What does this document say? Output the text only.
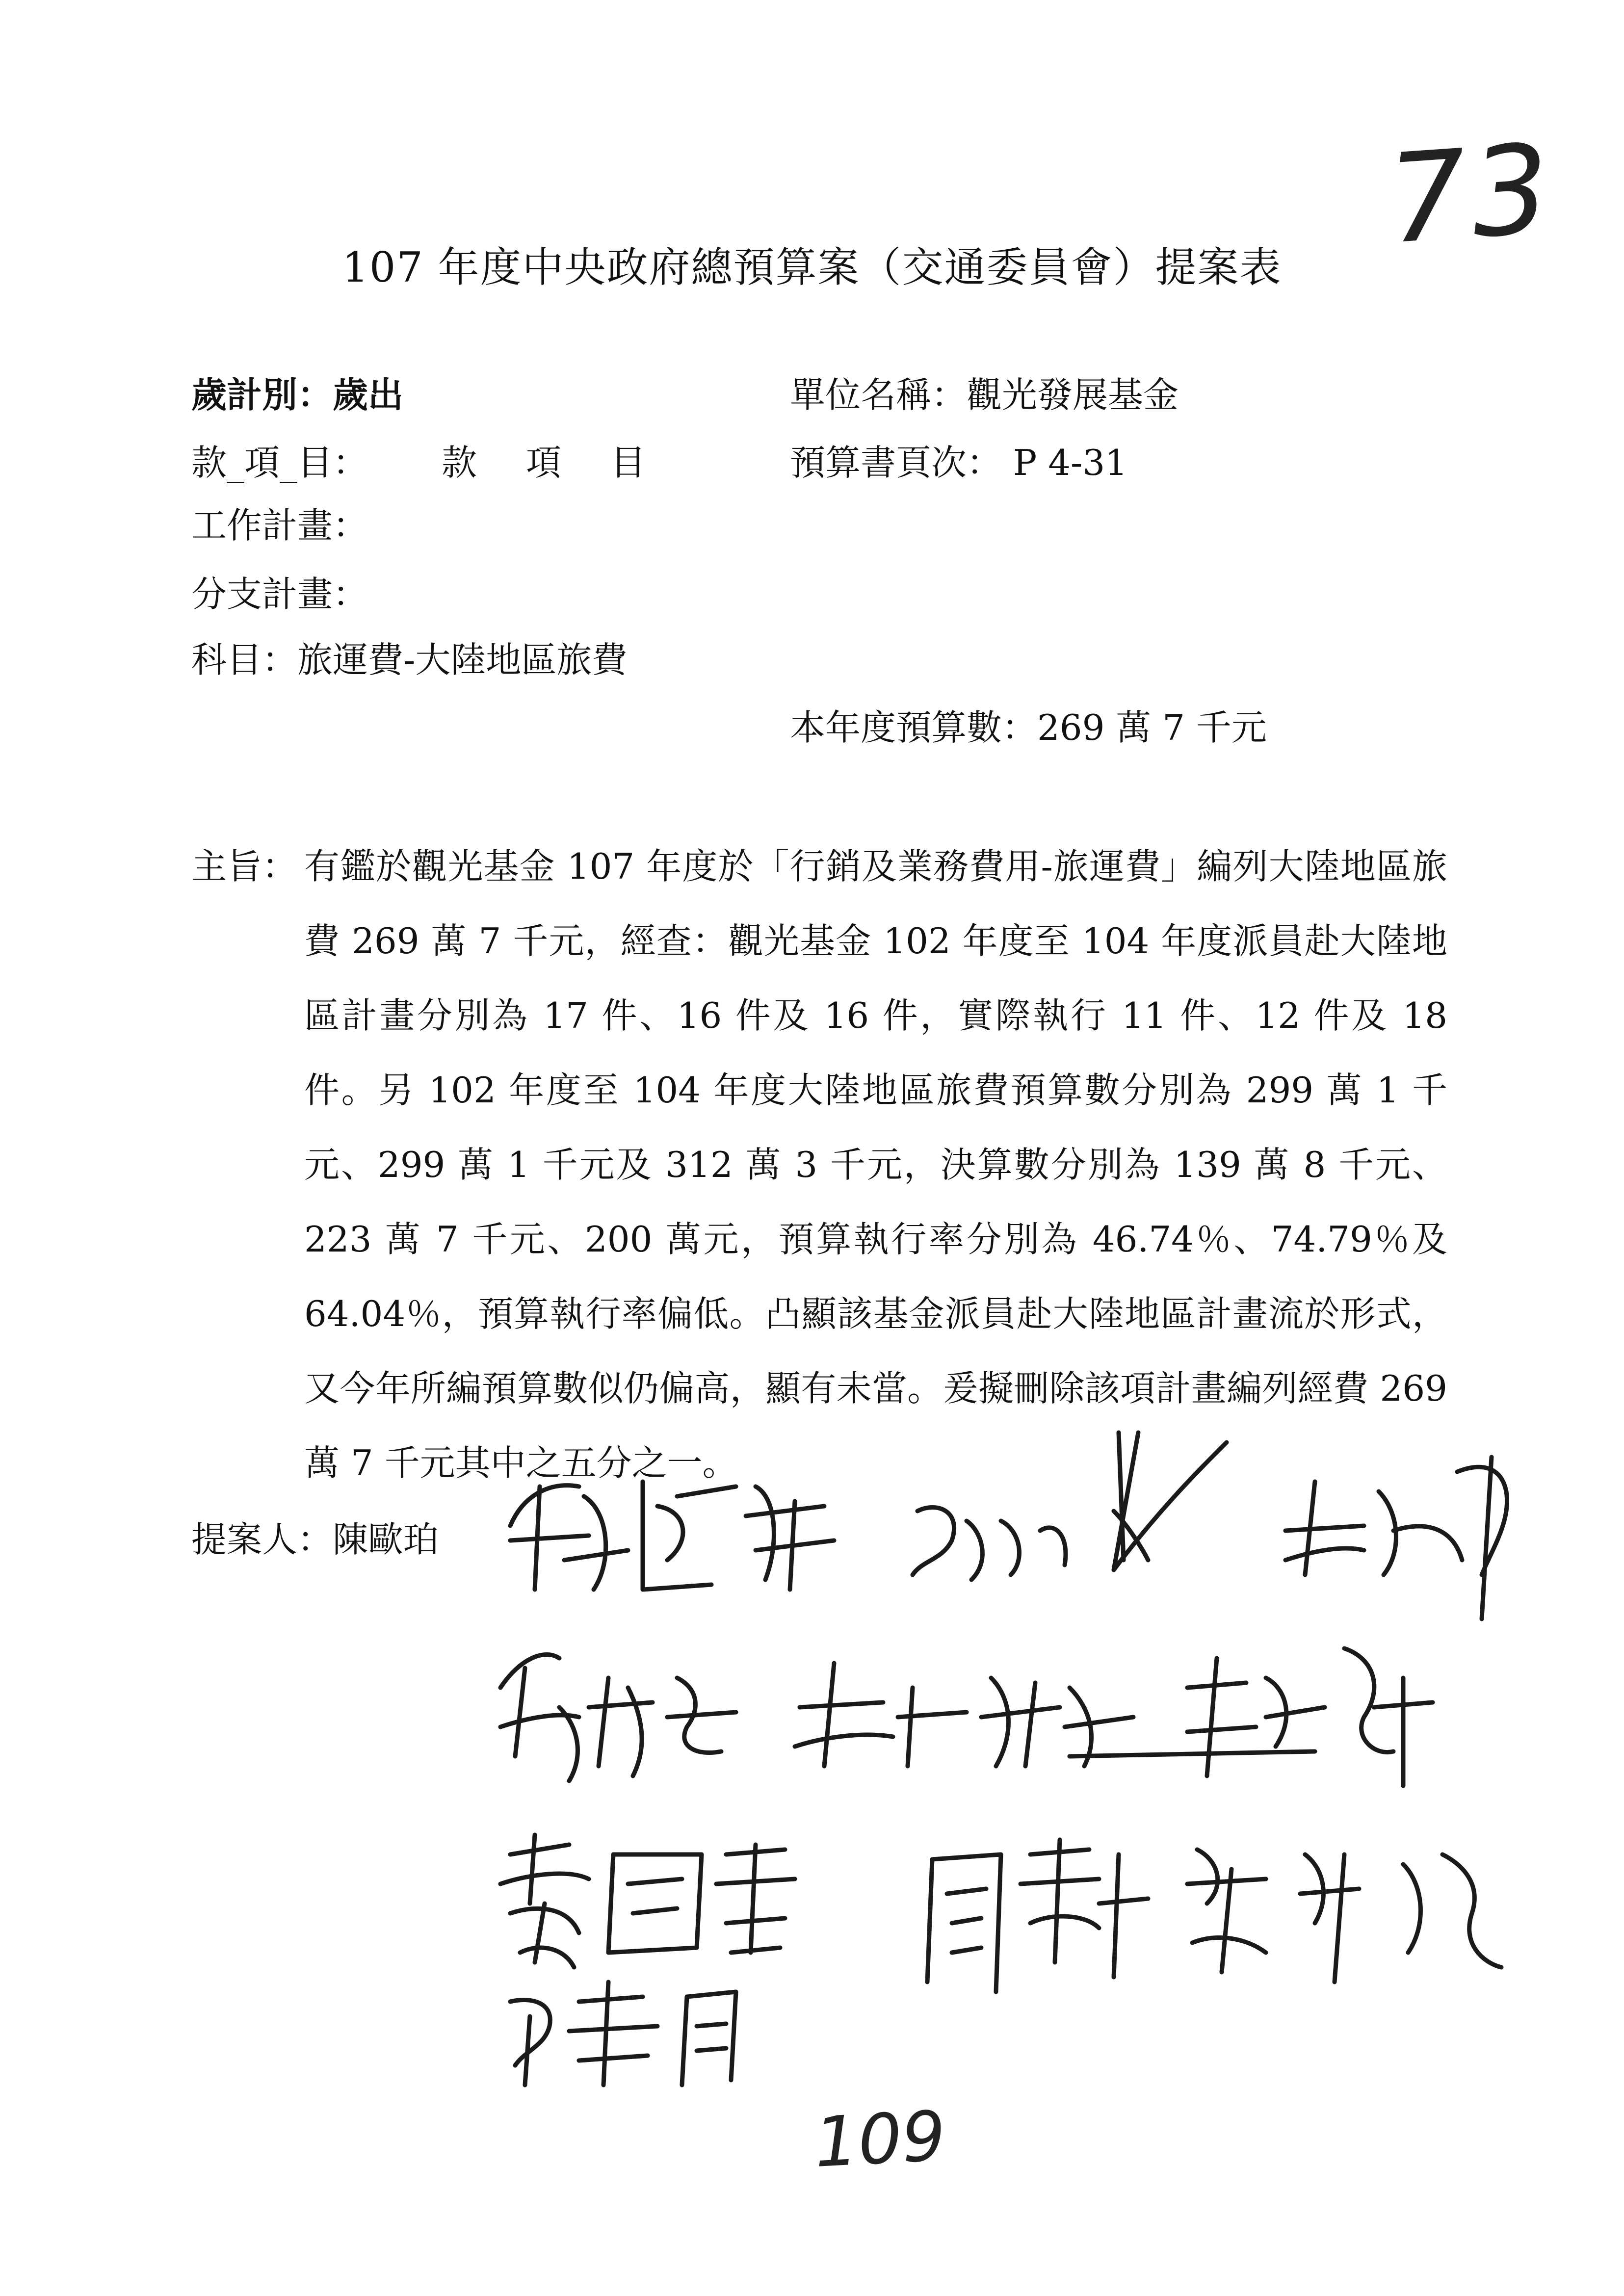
73
107 年度中央政府總預算案（交通委員會）提案表
歲計別：歲出	單位名稱：觀光發展基金
款_項_目： 款項目	預算書頁次： P 4-31
工作計畫：
分支計畫：
科目：旅運費-大陸地區旅費
本年度預算數：269 萬 7 千元
主旨： 有鑑於觀光基金 107 年度於「行銷及業務費用-旅運費」編列大陸地區旅費 269 萬 7 千元，經查：觀光基金 102 年度至 104 年度派員赴大陸地區計畫分別為 17 件、16 件及 16 件，實際執行 11 件、12 件及 18 件。另 102 年度至 104 年度大陸地區旅費預算數分別為 299 萬 1 千元、299 萬 1 千元及 312 萬 3 千元，決算數分別為 139 萬 8 千元、223 萬 7 千元、200 萬元，預算執行率分別為 46.74％、74.79％及 64.04％，預算執行率偏低。凸顯該基金派員赴大陸地區計畫流於形式，又今年所編預算數似仍偏高，顯有未當。爰擬刪除該項計畫編列經費 269 萬 7 千元其中之五分之一。
提案人：陳歐珀
109
